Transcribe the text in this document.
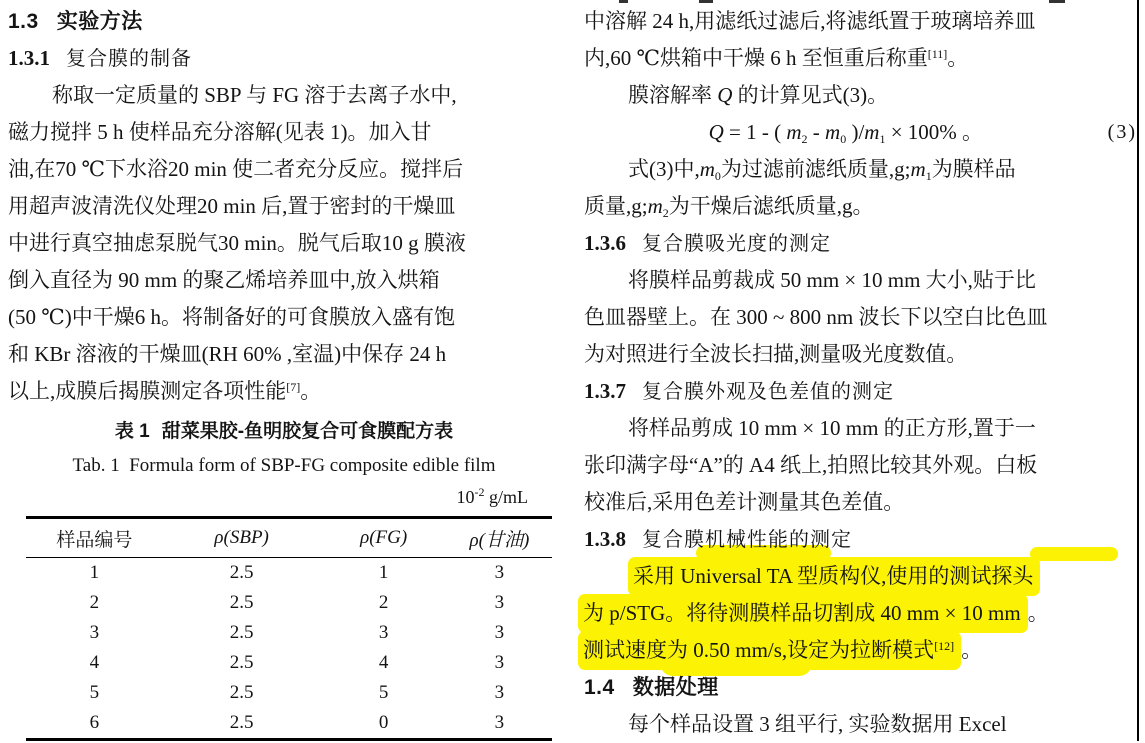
1.3 实验方法
1.3.1 复合膜的制备
称取一定质量的 SBP 与 FG 溶于去离子水中,
磁力搅拌 5 h 使样品充分溶解(见表 1)。加入甘
油,在70 ℃下水浴20 min 使二者充分反应。搅拌后
用超声波清洗仪处理20 min 后,置于密封的干燥皿
中进行真空抽虑泵脱气30 min。脱气后取10 g 膜液
倒入直径为 90 mm 的聚乙烯培养皿中,放入烘箱
(50 ℃)中干燥6 h。将制备好的可食膜放入盛有饱
和 KBr 溶液的干燥皿(RH 60% ,室温)中保存 24 h
以上,成膜后揭膜测定各项性能[7]。
表 1 甜菜果胶-鱼明胶复合可食膜配方表
Tab. 1  Formula form of SBP-FG composite edible film
10$^{-2}$ g/mL
样品编号	ρ(SBP)	ρ(FG)	ρ(甘油)
1	2.5	1	3
2	2.5	2	3
3	2.5	3	3
4	2.5	4	3
5	2.5	5	3
6	2.5	0	3
中溶解 24 h,用滤纸过滤后,将滤纸置于玻璃培养皿
内,60 ℃烘箱中干燥 6 h 至恒重后称重[11]。
膜溶解率 Q 的计算见式(3)。
Q = 1 - ( $m_2 - m_0$ )$/m_1 \times 100\%$ 。	(3)
式(3)中$,m_0$为过滤前滤纸质量$,g;m_1$为膜样品
质量$,g;m_2$为干燥后滤纸质量,g。
1.3.6 复合膜吸光度的测定
将膜样品剪裁成 50 mm × 10 mm 大小,贴于比
色皿器壁上。在 300 ~ 800 nm 波长下以空白比色皿
为对照进行全波长扫描,测量吸光度数值。
1.3.7 复合膜外观及色差值的测定
将样品剪成 10 mm × 10 mm 的正方形,置于一
张印满字母“A”的 A4 纸上,拍照比较其外观。白板
校准后,采用色差计测量其色差值。
1.3.8 复合膜机械性能的测定
采用 Universal TA 型质构仪,使用的测试探头
为 p/STG。将待测膜样品切割成 40 mm × 10 mm 。
测试速度为 0.50 mm/s,设定为拉断模式[12] 。
1.4 数据处理
每个样品设置 3 组平行, 实验数据用 Excel
